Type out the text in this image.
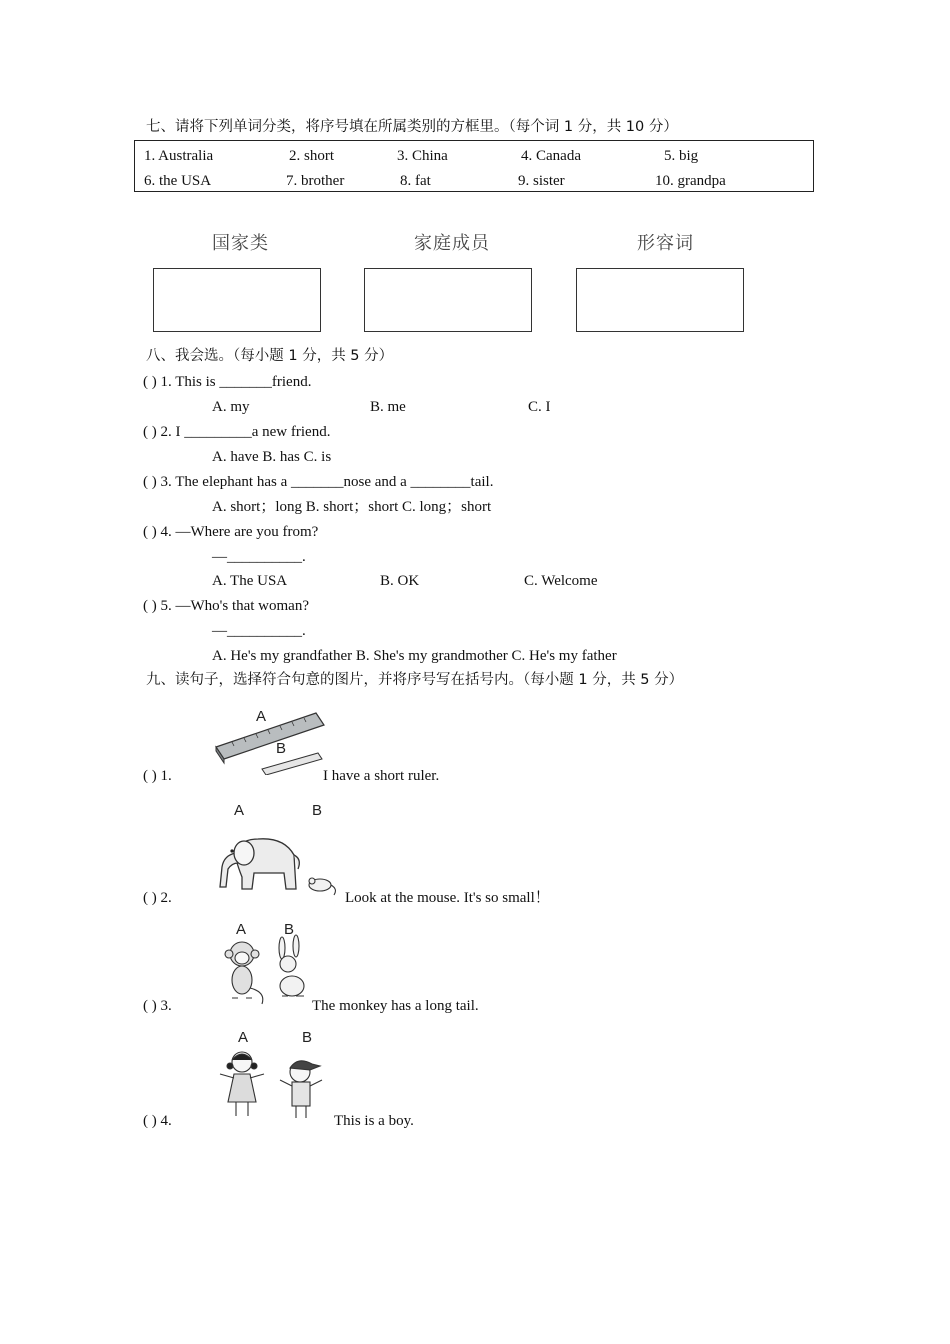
七、请将下列单词分类，将序号填在所属类别的方框里。（每个词 1 分，共 10 分）
1. Australia	2. short	3. China	4. Canada	5. big
6. the USA	7. brother	8. fat	9. sister	10. grandpa
国家类	家庭成员	形容词
八、我会选。（每小题 1 分，共 5 分）
( ) 1. This is _______friend.
A. my	B. me	C. I
( ) 2. I _________a new friend.
A. have B. has C. is
( ) 3. The elephant has a _______nose and a ________tail.
A. short；long B. short；short C. long；short
( ) 4. —Where are you from?
—__________.
A. The USA	B. OK	C. Welcome
( ) 5. —Who's that woman?
—__________.
A. He's my grandfather B. She's my grandmother C. He's my father
九、读句子，选择符合句意的图片，并将序号写在括号内。（每小题 1 分，共 5 分）
A
B
( ) 1.	I have a short ruler.
A	B
( ) 2.	Look at the mouse. It's so small！
A	B
( ) 3.	The monkey has a long tail.
A	B
( ) 4.	This is a boy.
